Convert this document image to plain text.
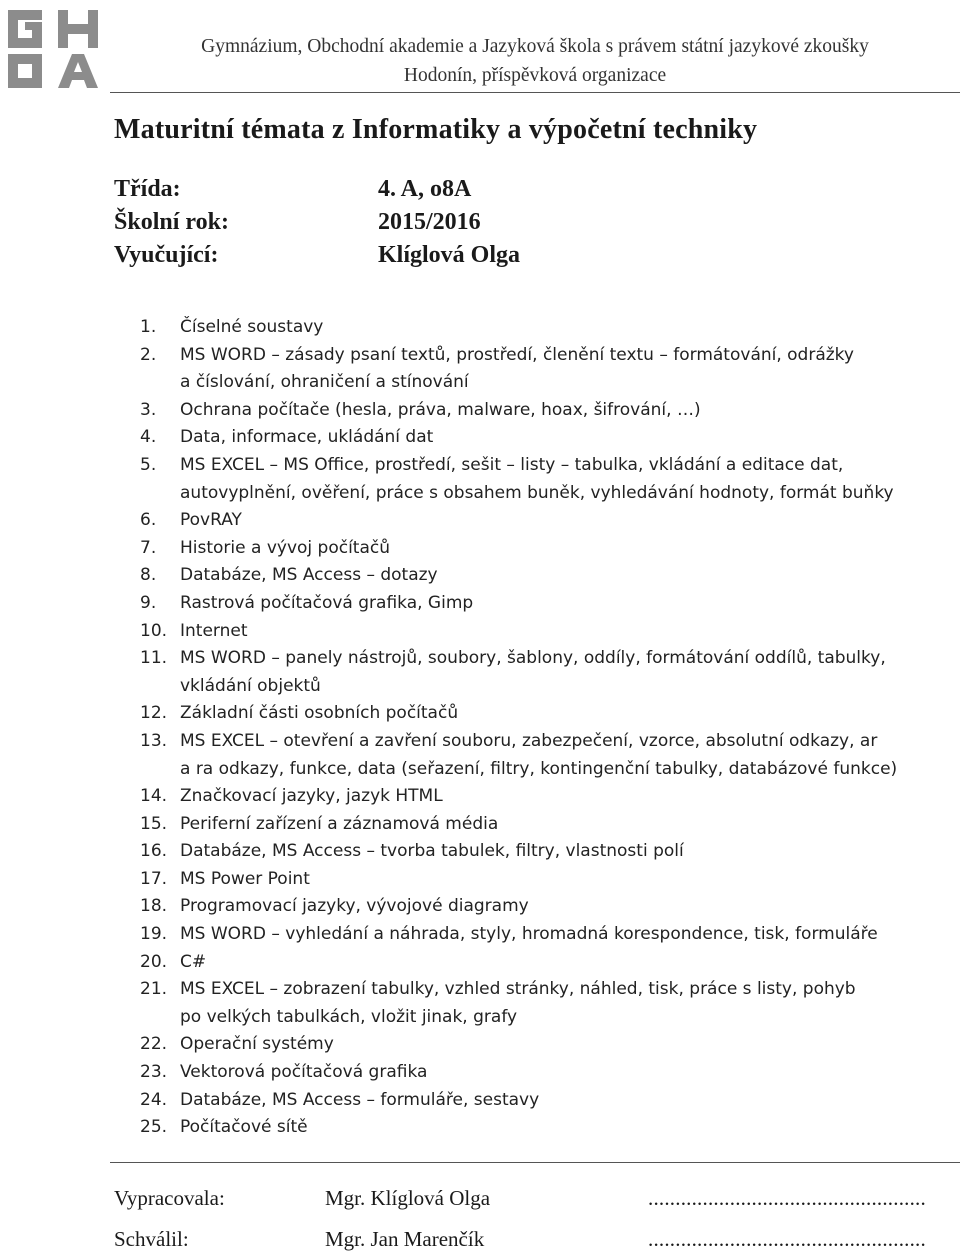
Gymnázium, Obchodní akademie a Jazyková škola s právem státní jazykové zkoušky
Hodonín, příspěvková organizace
Maturitní témata z Informatiky a výpočetní techniky
Třída:	4. A, o8A
Školní rok:	2015/2016
Vyučující:	Klíglová Olga
1.	Číselné soustavy
2.	MS WORD – zásady psaní textů, prostředí, členění textu – formátování, odrážky
a číslování, ohraničení a stínování
3.	Ochrana počítače (hesla, práva, malware, hoax, šifrování, …)
4.	Data, informace, ukládání dat
5.	MS EXCEL – MS Office, prostředí, sešit – listy – tabulka, vkládání a editace dat,
autovyplnění, ověření, práce s obsahem buněk, vyhledávání hodnoty, formát buňky
6.	PovRAY
7.	Historie a vývoj počítačů
8.	Databáze, MS Access – dotazy
9.	Rastrová počítačová grafika, Gimp
10. Internet
11. MS WORD – panely nástrojů, soubory, šablony, oddíly, formátování oddílů, tabulky,
vkládání objektů
12. Základní části osobních počítačů
13. MS EXCEL – otevření a zavření souboru, zabezpečení, vzorce, absolutní odkazy, ar
a ra odkazy, funkce, data (seřazení, filtry, kontingenční tabulky, databázové funkce)
14. Značkovací jazyky, jazyk HTML
15. Periferní zařízení a záznamová média
16. Databáze, MS Access – tvorba tabulek, filtry, vlastnosti polí
17. MS Power Point
18. Programovací jazyky, vývojové diagramy
19. MS WORD – vyhledání a náhrada, styly, hromadná korespondence, tisk, formuláře
20. C#
21. MS EXCEL – zobrazení tabulky, vzhled stránky, náhled, tisk, práce s listy, pohyb
po velkých tabulkách, vložit jinak, grafy
22. Operační systémy
23. Vektorová počítačová grafika
24. Databáze, MS Access – formuláře, sestavy
25. Počítačové sítě
Vypracovala:	Mgr. Klíglová Olga	...................................................
Schválil:	Mgr. Jan Marenčík	...................................................
